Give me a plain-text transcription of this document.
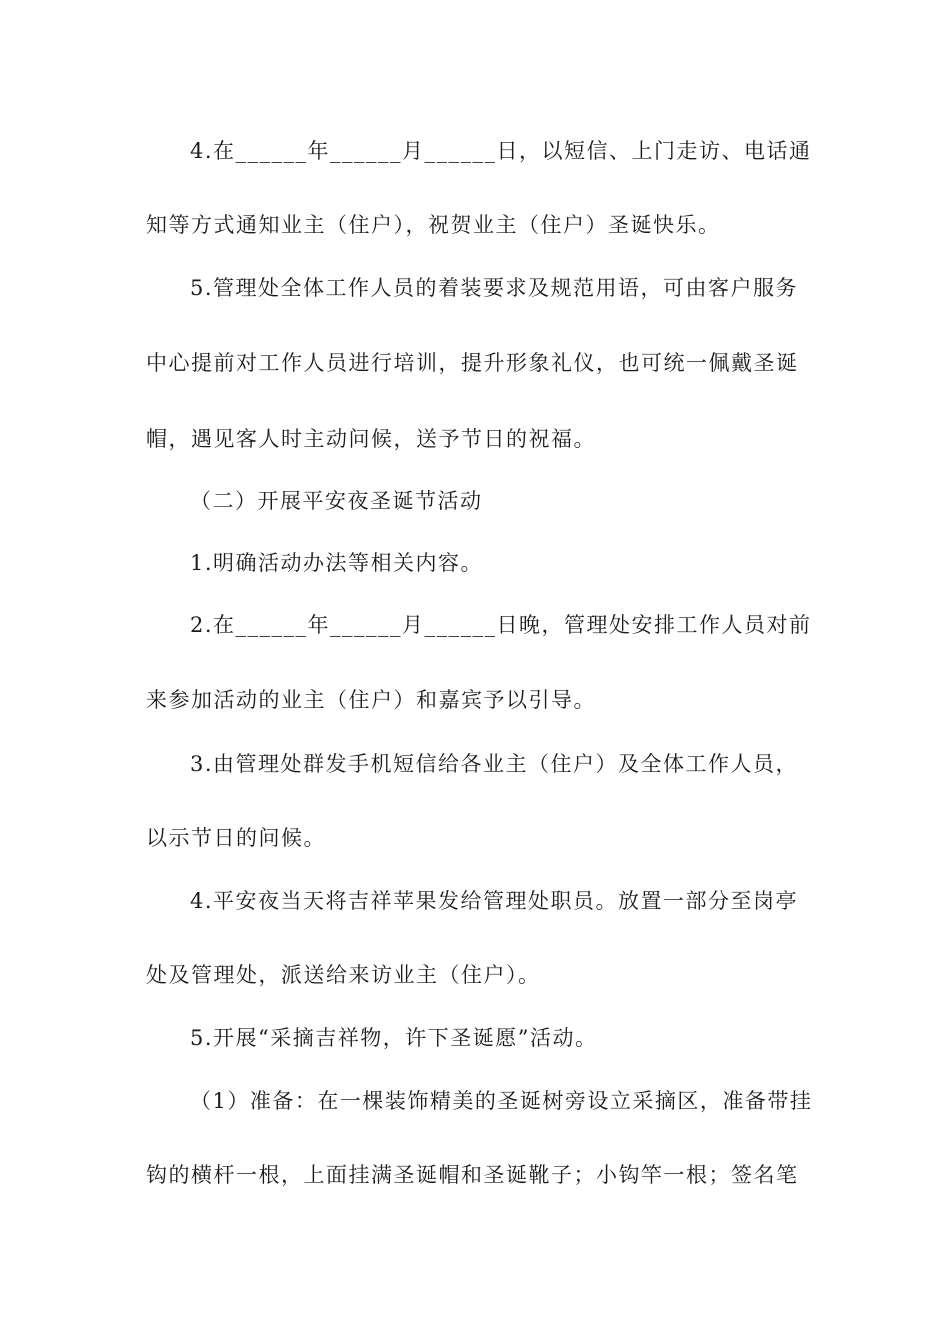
4.在______年______月______日，以短信、上门走访、电话通
知等方式通知业主（住户），祝贺业主（住户）圣诞快乐。
5.管理处全体工作人员的着装要求及规范用语，可由客户服务
中心提前对工作人员进行培训，提升形象礼仪，也可统一佩戴圣诞
帽，遇见客人时主动问候，送予节日的祝福。
（二）开展平安夜圣诞节活动
1.明确活动办法等相关内容。
2.在______年______月______日晚，管理处安排工作人员对前
来参加活动的业主（住户）和嘉宾予以引导。
3.由管理处群发手机短信给各业主（住户）及全体工作人员，
以示节日的问候。
4.平安夜当天将吉祥苹果发给管理处职员。放置一部分至岗亭
处及管理处，派送给来访业主（住户）。
5.开展“采摘吉祥物，许下圣诞愿”活动。
（1）准备：在一棵装饰精美的圣诞树旁设立采摘区，准备带挂
钩的横杆一根，上面挂满圣诞帽和圣诞靴子；小钩竿一根；签名笔
